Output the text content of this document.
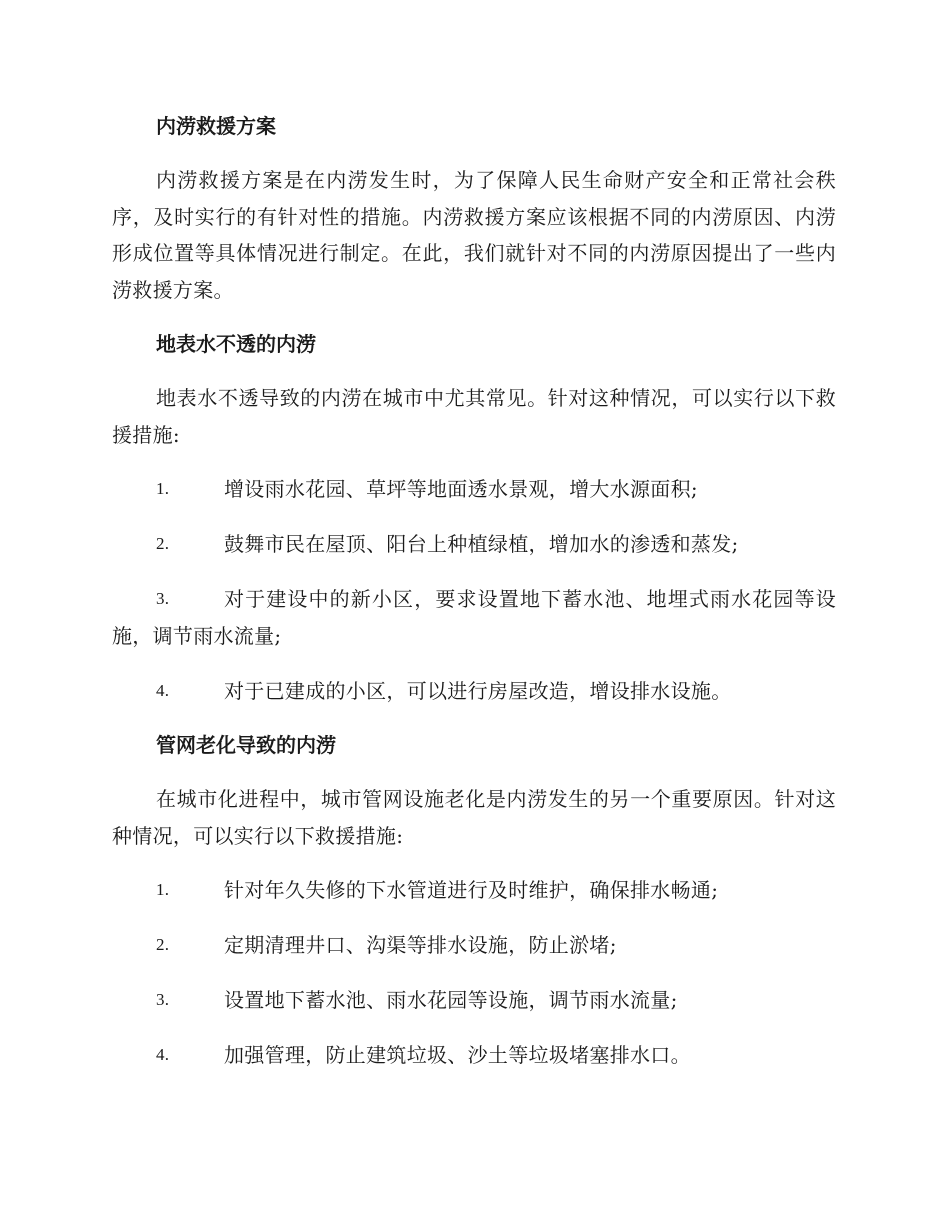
内涝救援方案

内涝救援方案是在内涝发生时，为了保障人民生命财产安全和正常社会秩序，及时实行的有针对性的措施。内涝救援方案应该根据不同的内涝原因、内涝形成位置等具体情况进行制定。在此，我们就针对不同的内涝原因提出了一些内涝救援方案。

地表水不透的内涝

地表水不透导致的内涝在城市中尤其常见。针对这种情况，可以实行以下救援措施:

1.	增设雨水花园、草坪等地面透水景观，增大水源面积;
2.	鼓舞市民在屋顶、阳台上种植绿植，增加水的渗透和蒸发;
3.	对于建设中的新小区，要求设置地下蓄水池、地埋式雨水花园等设施，调节雨水流量;
4.	对于已建成的小区，可以进行房屋改造，增设排水设施。
管网老化导致的内涝

在城市化进程中，城市管网设施老化是内涝发生的另一个重要原因。针对这种情况，可以实行以下救援措施:

1.	针对年久失修的下水管道进行及时维护，确保排水畅通;
2.	定期清理井口、沟渠等排水设施，防止淤堵;
3.	设置地下蓄水池、雨水花园等设施，调节雨水流量;
4.	加强管理，防止建筑垃圾、沙土等垃圾堵塞排水口。
